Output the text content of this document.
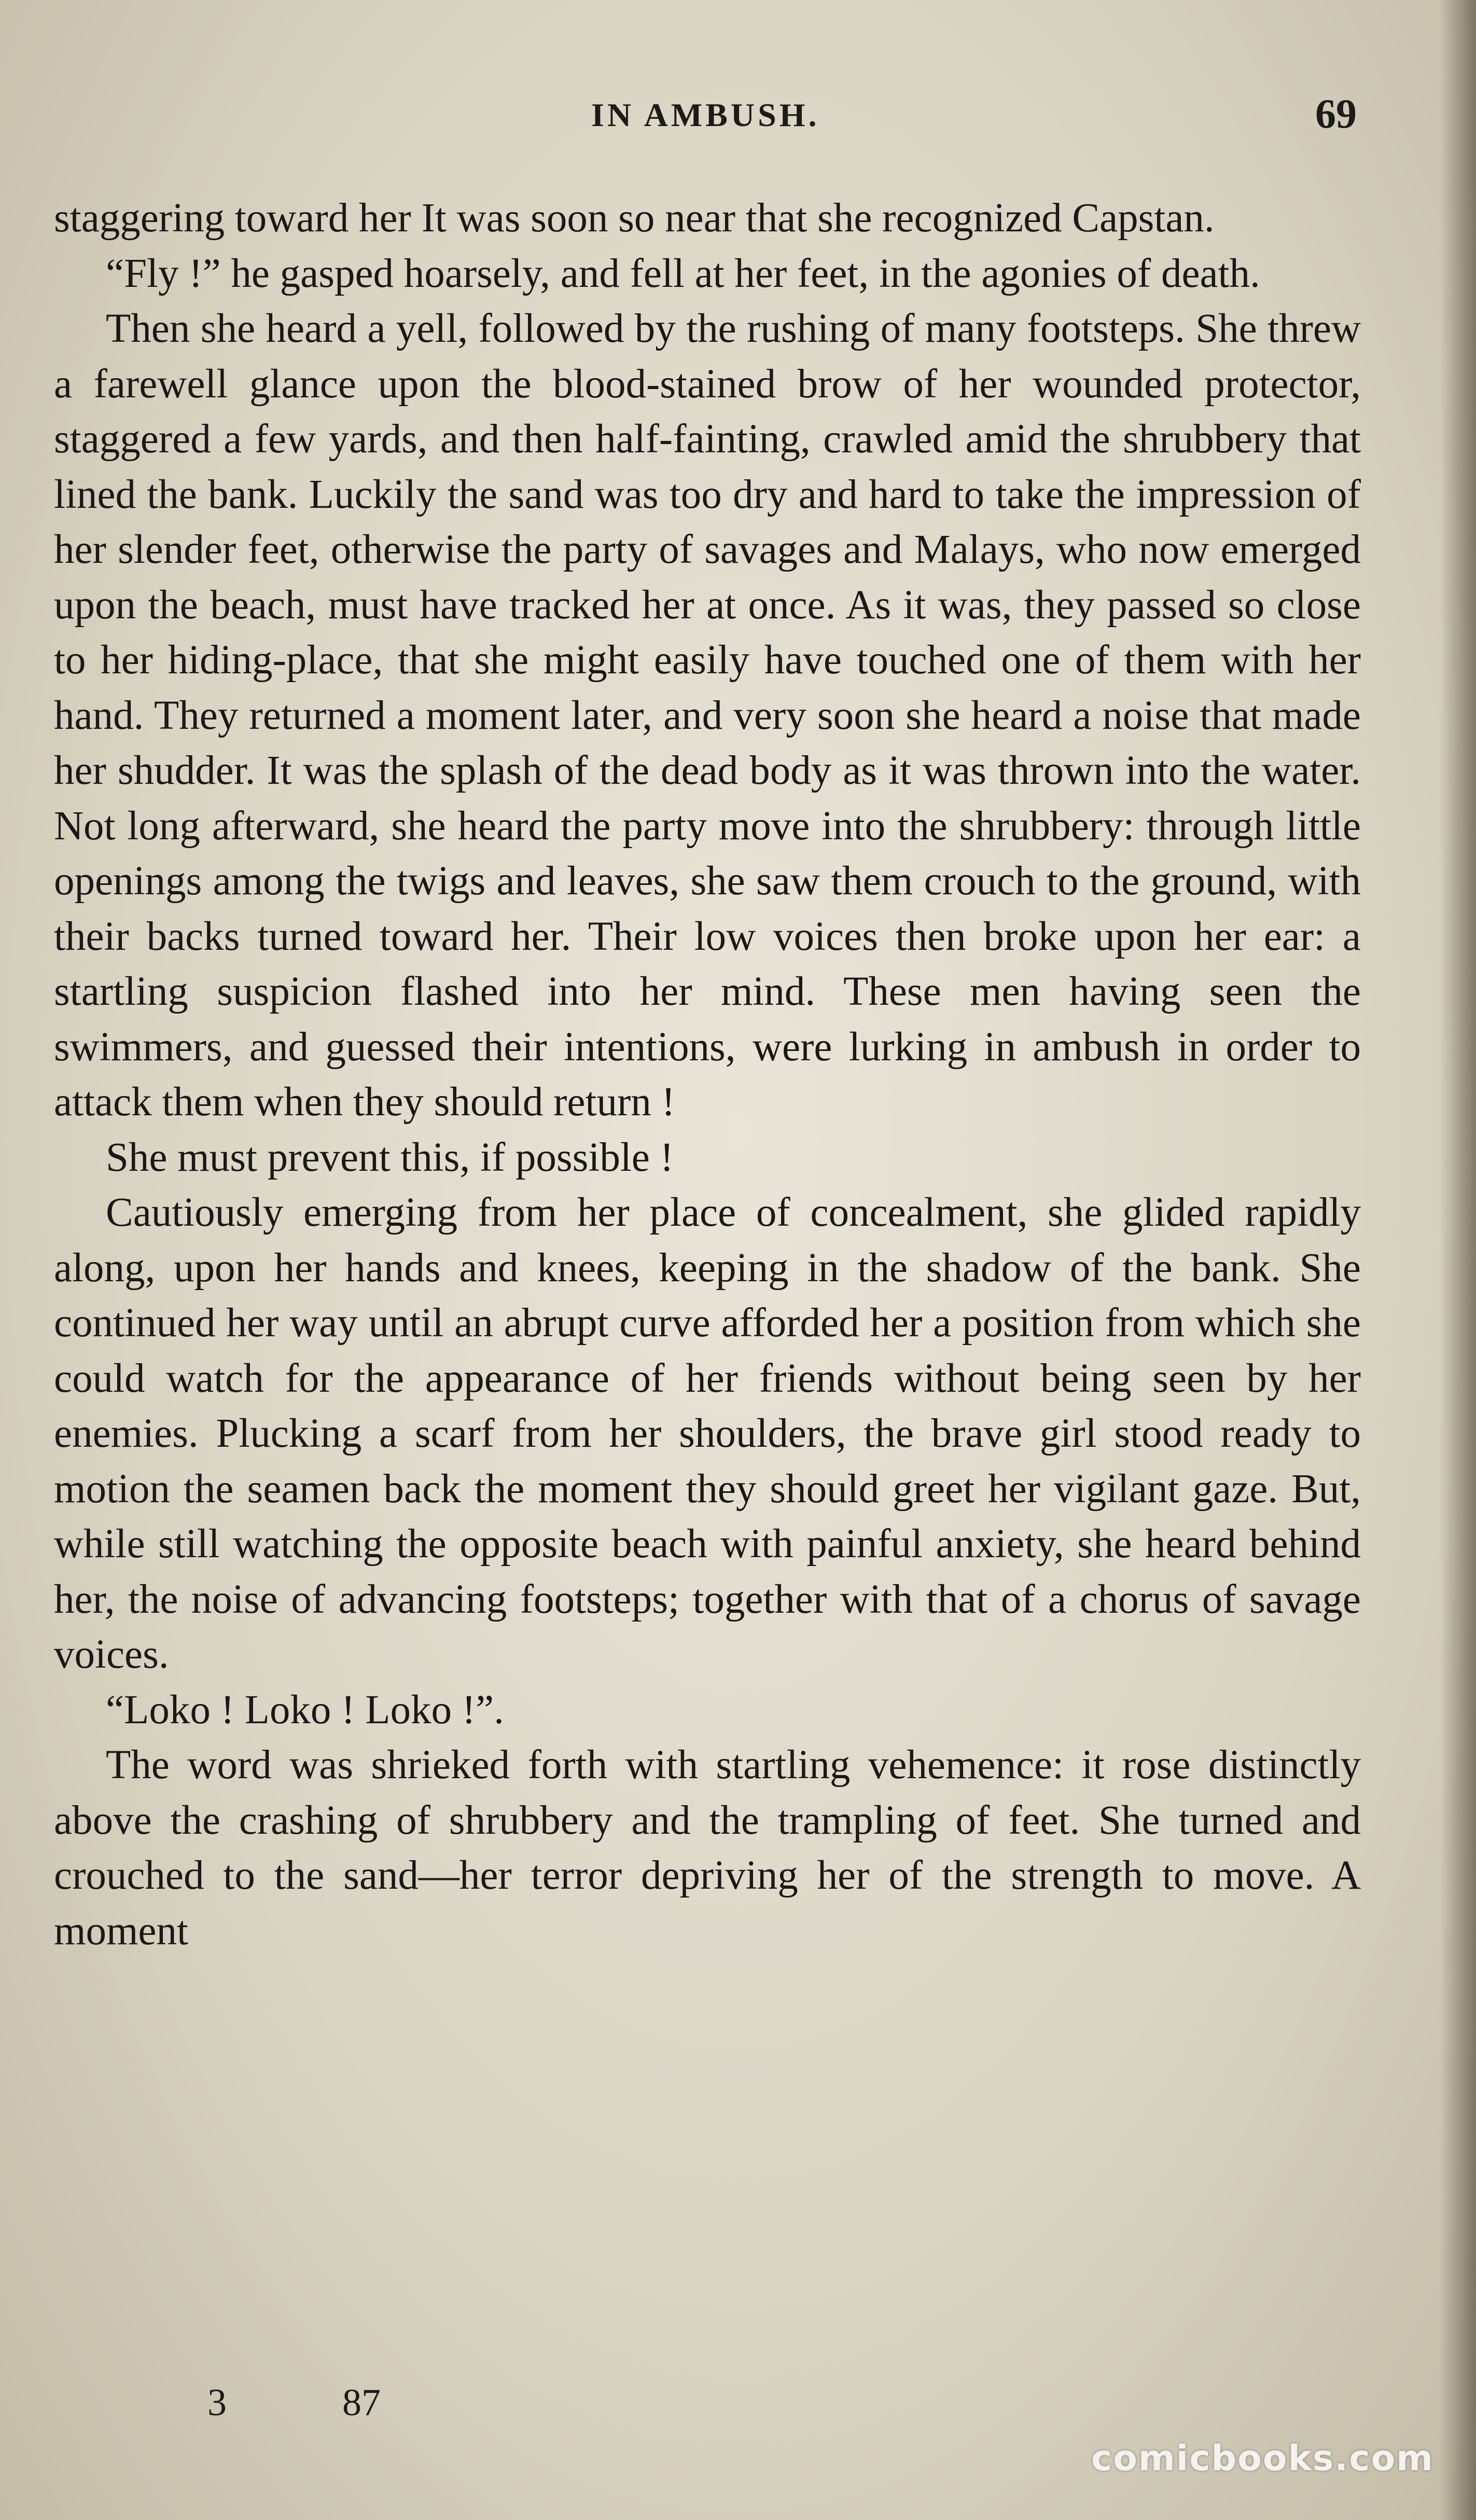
IN AMBUSH.	69

staggering toward her It was soon so near that she recognized Capstan.

“Fly !” he gasped hoarsely, and fell at her feet, in the agonies of death.

Then she heard a yell, followed by the rushing of many footsteps. She threw a farewell glance upon the blood-stained brow of her wounded protector, staggered a few yards, and then half-fainting, crawled amid the shrubbery that lined the bank. Luckily the sand was too dry and hard to take the impression of her slender feet, otherwise the party of savages and Malays, who now emerged upon the beach, must have tracked her at once. As it was, they passed so close to her hiding-place, that she might easily have touched one of them with her hand. They returned a moment later, and very soon she heard a noise that made her shudder. It was the splash of the dead body as it was thrown into the water. Not long afterward, she heard the party move into the shrubbery: through little openings among the twigs and leaves, she saw them crouch to the ground, with their backs turned toward her. Their low voices then broke upon her ear: a startling suspicion flashed into her mind. These men having seen the swimmers, and guessed their intentions, were lurking in ambush in order to attack them when they should return !

She must prevent this, if possible !

Cautiously emerging from her place of concealment, she glided rapidly along, upon her hands and knees, keeping in the shadow of the bank. She continued her way until an abrupt curve afforded her a position from which she could watch for the appearance of her friends without being seen by her enemies. Plucking a scarf from her shoulders, the brave girl stood ready to motion the seamen back the moment they should greet her vigilant gaze. But, while still watching the opposite beach with painful anxiety, she heard behind her, the noise of advancing footsteps; together with that of a chorus of savage voices.

“Loko ! Loko ! Loko !”.

The word was shrieked forth with startling vehemence: it rose distinctly above the crashing of shrubbery and the trampling of feet. She turned and crouched to the sand—her terror depriving her of the strength to move. A moment

3	87
comicbooks.com
